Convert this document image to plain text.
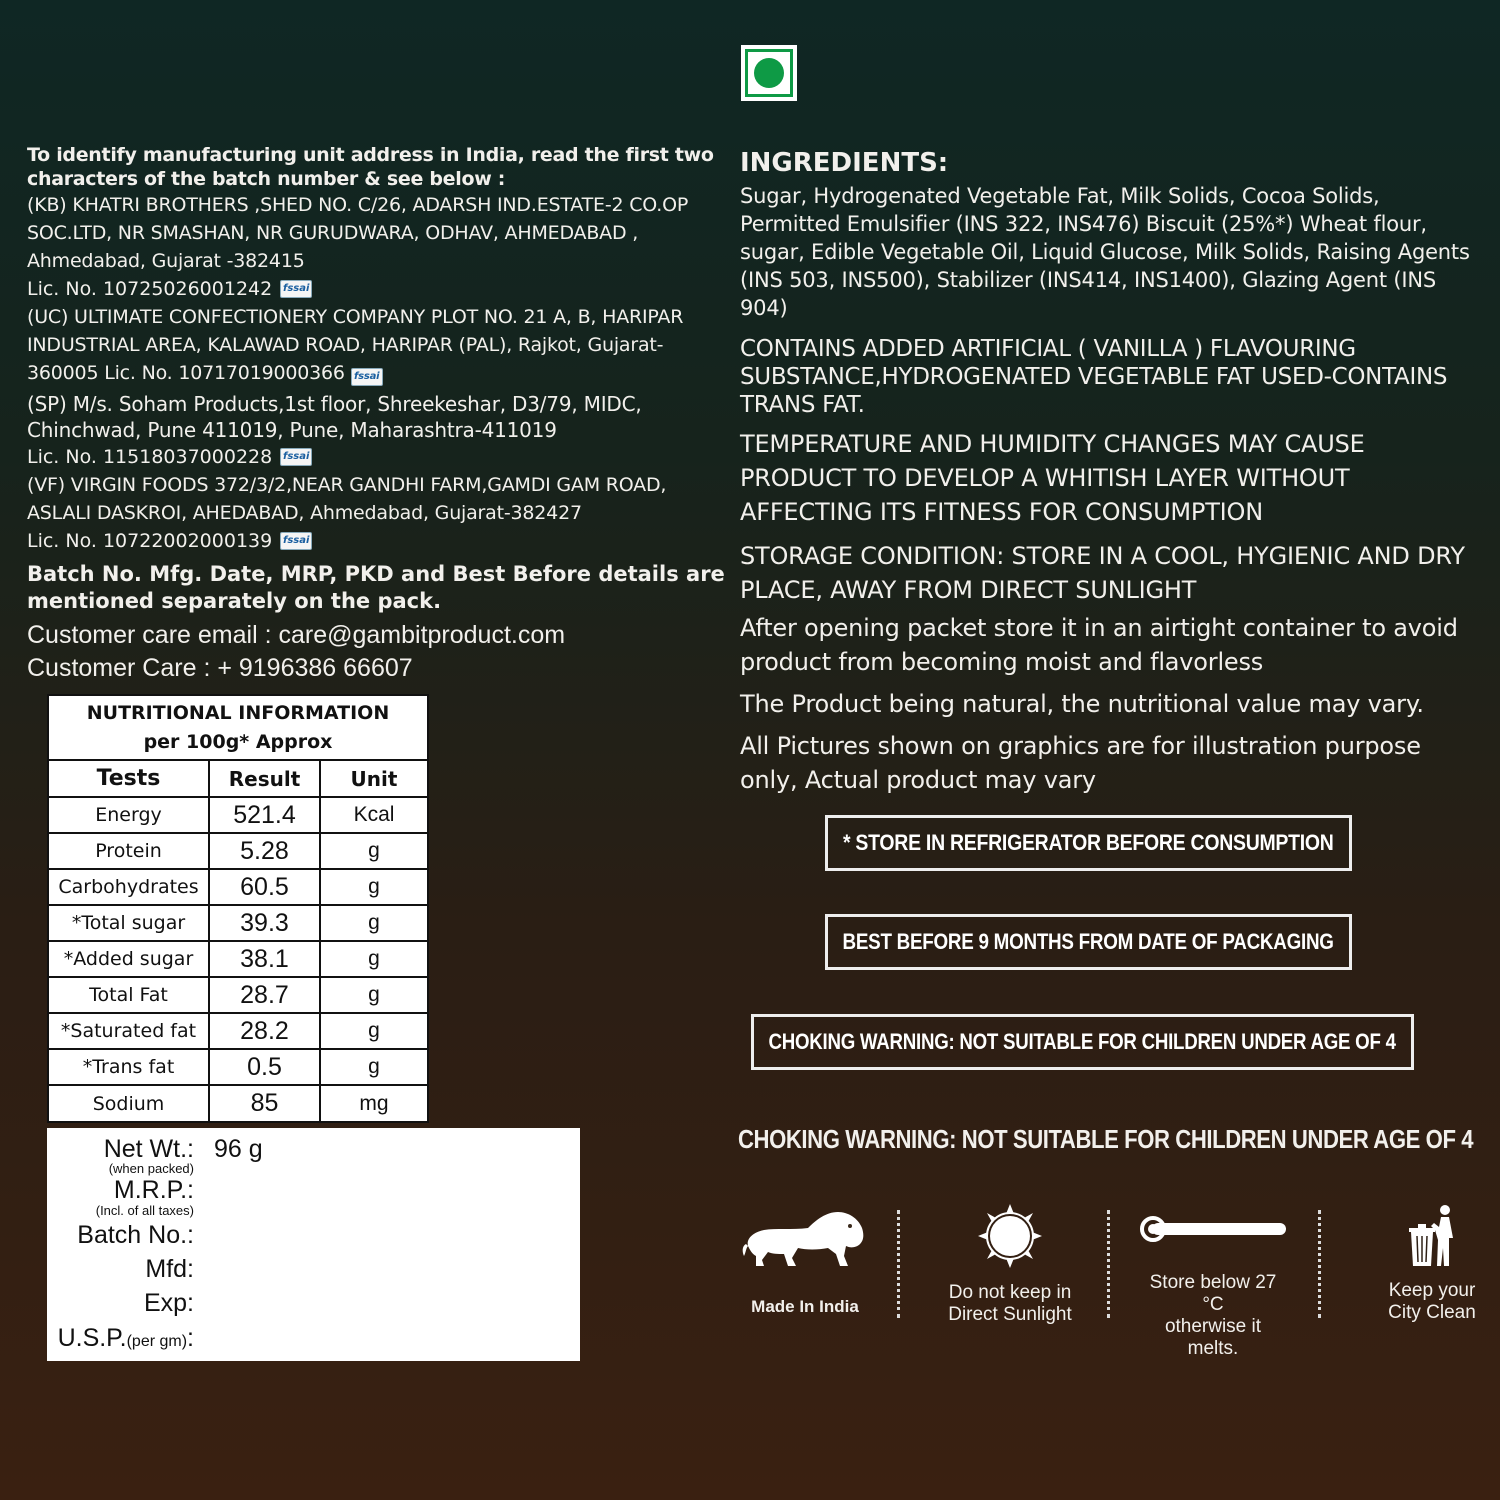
To identify manufacturing unit address in India, read the first two characters of the batch number & see below :
(KB) KHATRI BROTHERS ,SHED NO. C/26, ADARSH IND.ESTATE-2 CO.OP SOC.LTD, NR SMASHAN, NR GURUDWARA, ODHAV, AHMEDABAD , Ahmedabad, Gujarat -382415
Lic. No. 10725026001242 fssai
(UC) ULTIMATE CONFECTIONERY COMPANY PLOT NO. 21 A, B, HARIPAR INDUSTRIAL AREA, KALAWAD ROAD, HARIPAR (PAL), Rajkot, Gujarat-360005 Lic. No. 10717019000366 fssai
(SP) M/s. Soham Products,1st floor, Shreekeshar, D3/79, MIDC, Chinchwad, Pune 411019, Pune, Maharashtra-411019
Lic. No. 11518037000228 fssai
(VF) VIRGIN FOODS 372/3/2,NEAR GANDHI FARM,GAMDI GAM ROAD, ASLALI DASKROI, AHEDABAD, Ahmedabad, Gujarat-382427
Lic. No. 10722002000139 fssai
Batch No. Mfg. Date, MRP, PKD and Best Before details are mentioned separately on the pack.
Customer care email : care@gambitproduct.com
Customer Care : + 9196386 66607
NUTRITIONAL INFORMATION
per 100g* Approx
Tests	Result	Unit
Energy	521.4	Kcal
Protein	5.28	g
Carbohydrates	60.5	g
*Total sugar	39.3	g
*Added sugar	38.1	g
Total Fat	28.7	g
*Saturated fat	28.2	g
*Trans fat	0.5	g
Sodium	85	mg
Net Wt.: 96 g
(when packed)
M.R.P.:
(Incl. of all taxes)
Batch No.:
Mfd:
Exp:
U.S.P.(per gm):
INGREDIENTS:
Sugar, Hydrogenated Vegetable Fat, Milk Solids, Cocoa Solids, Permitted Emulsifier (INS 322, INS476) Biscuit (25%*) Wheat flour, sugar, Edible Vegetable Oil, Liquid Glucose, Milk Solids, Raising Agents (INS 503, INS500), Stabilizer (INS414, INS1400), Glazing Agent (INS 904)
CONTAINS ADDED ARTIFICIAL ( VANILLA ) FLAVOURING SUBSTANCE,HYDROGENATED VEGETABLE FAT USED-CONTAINS TRANS FAT.
TEMPERATURE AND HUMIDITY CHANGES MAY CAUSE PRODUCT TO DEVELOP A WHITISH LAYER WITHOUT AFFECTING ITS FITNESS FOR CONSUMPTION
STORAGE CONDITION: STORE IN A COOL, HYGIENIC AND DRY PLACE, AWAY FROM DIRECT SUNLIGHT
After opening packet store it in an airtight container to avoid product from becoming moist and flavorless
The Product being natural, the nutritional value may vary.
All Pictures shown on graphics are for illustration purpose only, Actual product may vary
* STORE IN REFRIGERATOR BEFORE CONSUMPTION
BEST BEFORE 9 MONTHS FROM DATE OF PACKAGING
CHOKING WARNING: NOT SUITABLE FOR CHILDREN UNDER AGE OF 4
CHOKING WARNING: NOT SUITABLE FOR CHILDREN UNDER AGE OF 4
Made In India
Do not keep in
Direct Sunlight
Store below 27 °C
otherwise it melts.
Keep your
City Clean
